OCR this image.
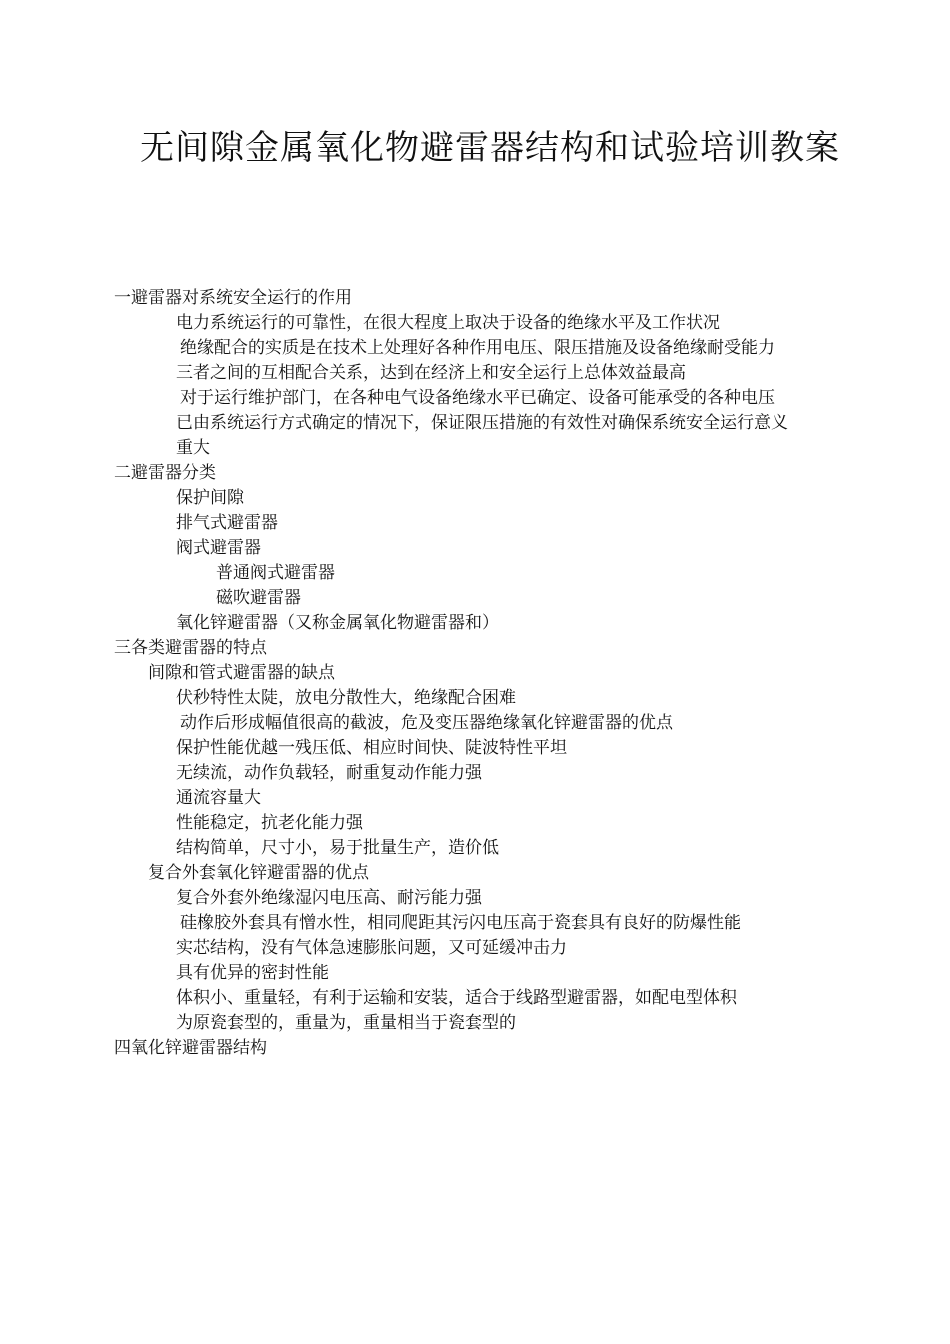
无间隙金属氧化物避雷器结构和试验培训教案
一避雷器对系统安全运行的作用
电力系统运行的可靠性，在很大程度上取决于设备的绝缘水平及工作状况
绝缘配合的实质是在技术上处理好各种作用电压、限压措施及设备绝缘耐受能力
三者之间的互相配合关系，达到在经济上和安全运行上总体效益最高
对于运行维护部门，在各种电气设备绝缘水平已确定、设备可能承受的各种电压
已由系统运行方式确定的情况下，保证限压措施的有效性对确保系统安全运行意义
重大
二避雷器分类
保护间隙
排气式避雷器
阀式避雷器
普通阀式避雷器
磁吹避雷器
氧化锌避雷器（又称金属氧化物避雷器和）
三各类避雷器的特点
间隙和管式避雷器的缺点
伏秒特性太陡，放电分散性大，绝缘配合困难
动作后形成幅值很高的截波，危及变压器绝缘氧化锌避雷器的优点
保护性能优越一残压低、相应时间快、陡波特性平坦
无续流，动作负载轻，耐重复动作能力强
通流容量大
性能稳定，抗老化能力强
结构简单，尺寸小，易于批量生产，造价低
复合外套氧化锌避雷器的优点
复合外套外绝缘湿闪电压高、耐污能力强
硅橡胶外套具有憎水性，相同爬距其污闪电压高于瓷套具有良好的防爆性能
实芯结构，没有气体急速膨胀问题，又可延缓冲击力
具有优异的密封性能
体积小、重量轻，有利于运输和安装，适合于线路型避雷器，如配电型体积
为原瓷套型的，重量为，重量相当于瓷套型的
四氧化锌避雷器结构
